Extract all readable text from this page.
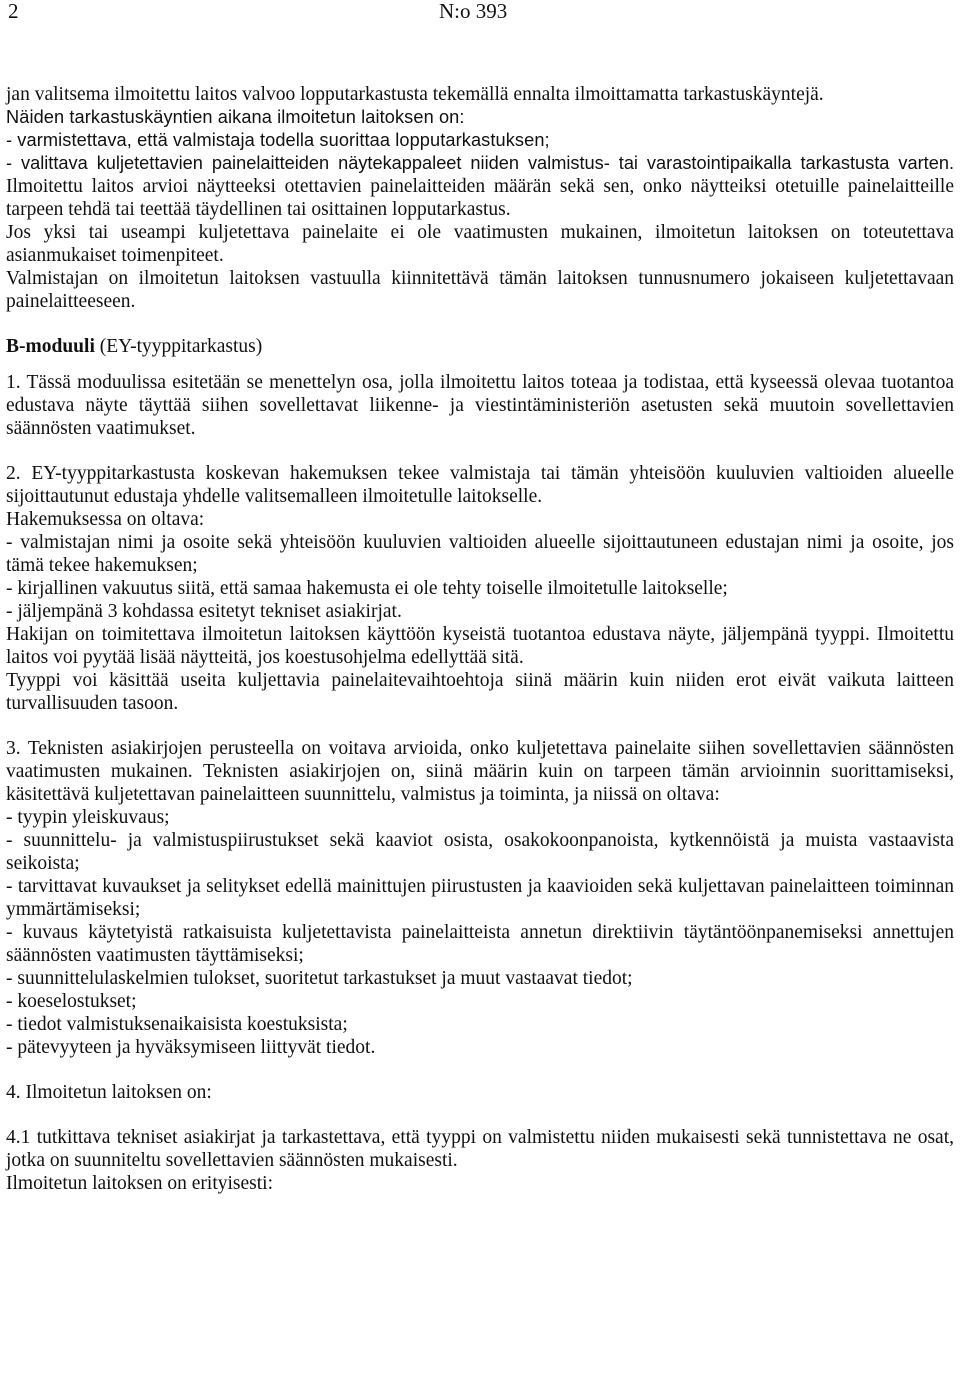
2	N:o 393

jan valitsema ilmoitettu laitos valvoo lopputarkastusta tekemällä ennalta ilmoittamatta tarkastuskäyntejä.

Näiden tarkastuskäyntien aikana ilmoitetun laitoksen on:

- varmistettava, että valmistaja todella suorittaa lopputarkastuksen;

- valittava kuljetettavien painelaitteiden näytekappaleet niiden valmistus- tai varastointipaikalla tarkastusta varten. Ilmoitettu laitos arvioi näytteeksi otettavien painelaitteiden määrän sekä sen, onko näytteiksi otetuille painelaitteille tarpeen tehdä tai teettää täydellinen tai osittainen lopputarkastus.

Jos yksi tai useampi kuljetettava painelaite ei ole vaatimusten mukainen, ilmoitetun laitoksen on toteutettava asianmukaiset toimenpiteet.

Valmistajan on ilmoitetun laitoksen vastuulla kiinnitettävä tämän laitoksen tunnusnumero jokaiseen kuljetettavaan painelaitteeseen.

B-moduuli (EY-tyyppitarkastus)

1. Tässä moduulissa esitetään se menettelyn osa, jolla ilmoitettu laitos toteaa ja todistaa, että kyseessä olevaa tuotantoa edustava näyte täyttää siihen sovellettavat liikenne- ja viestintäministeriön asetusten sekä muutoin sovellettavien säännösten vaatimukset.

2. EY-tyyppitarkastusta koskevan hakemuksen tekee valmistaja tai tämän yhteisöön kuuluvien valtioiden alueelle sijoittautunut edustaja yhdelle valitsemalleen ilmoitetulle laitokselle.

Hakemuksessa on oltava:

- valmistajan nimi ja osoite sekä yhteisöön kuuluvien valtioiden alueelle sijoittautuneen edustajan nimi ja osoite, jos tämä tekee hakemuksen;

- kirjallinen vakuutus siitä, että samaa hakemusta ei ole tehty toiselle ilmoitetulle laitokselle;

- jäljempänä 3 kohdassa esitetyt tekniset asiakirjat.

Hakijan on toimitettava ilmoitetun laitoksen käyttöön kyseistä tuotantoa edustava näyte, jäljempänä tyyppi. Ilmoitettu laitos voi pyytää lisää näytteitä, jos koestusohjelma edellyttää sitä.

Tyyppi voi käsittää useita kuljettavia painelaitevaihtoehtoja siinä määrin kuin niiden erot eivät vaikuta laitteen turvallisuuden tasoon.

3. Teknisten asiakirjojen perusteella on voitava arvioida, onko kuljetettava painelaite siihen sovellettavien säännösten vaatimusten mukainen. Teknisten asiakirjojen on, siinä määrin kuin on tarpeen tämän arvioinnin suorittamiseksi, käsitettävä kuljetettavan painelaitteen suunnittelu, valmistus ja toiminta, ja niissä on oltava:

- tyypin yleiskuvaus;

- suunnittelu- ja valmistuspiirustukset sekä kaaviot osista, osakokoonpanoista, kytkennöistä ja muista vastaavista seikoista;

- tarvittavat kuvaukset ja selitykset edellä mainittujen piirustusten ja kaavioiden sekä kuljettavan painelaitteen toiminnan ymmärtämiseksi;

- kuvaus käytetyistä ratkaisuista kuljetettavista painelaitteista annetun direktiivin täytäntöönpanemiseksi annettujen säännösten vaatimusten täyttämiseksi;

- suunnittelulaskelmien tulokset, suoritetut tarkastukset ja muut vastaavat tiedot;

- koeselostukset;

- tiedot valmistuksenaikaisista koestuksista;

- pätevyyteen ja hyväksymiseen liittyvät tiedot.

4. Ilmoitetun laitoksen on:

4.1 tutkittava tekniset asiakirjat ja tarkastettava, että tyyppi on valmistettu niiden mukaisesti sekä tunnistettava ne osat, jotka on suunniteltu sovellettavien säännösten mukaisesti.

Ilmoitetun laitoksen on erityisesti:
